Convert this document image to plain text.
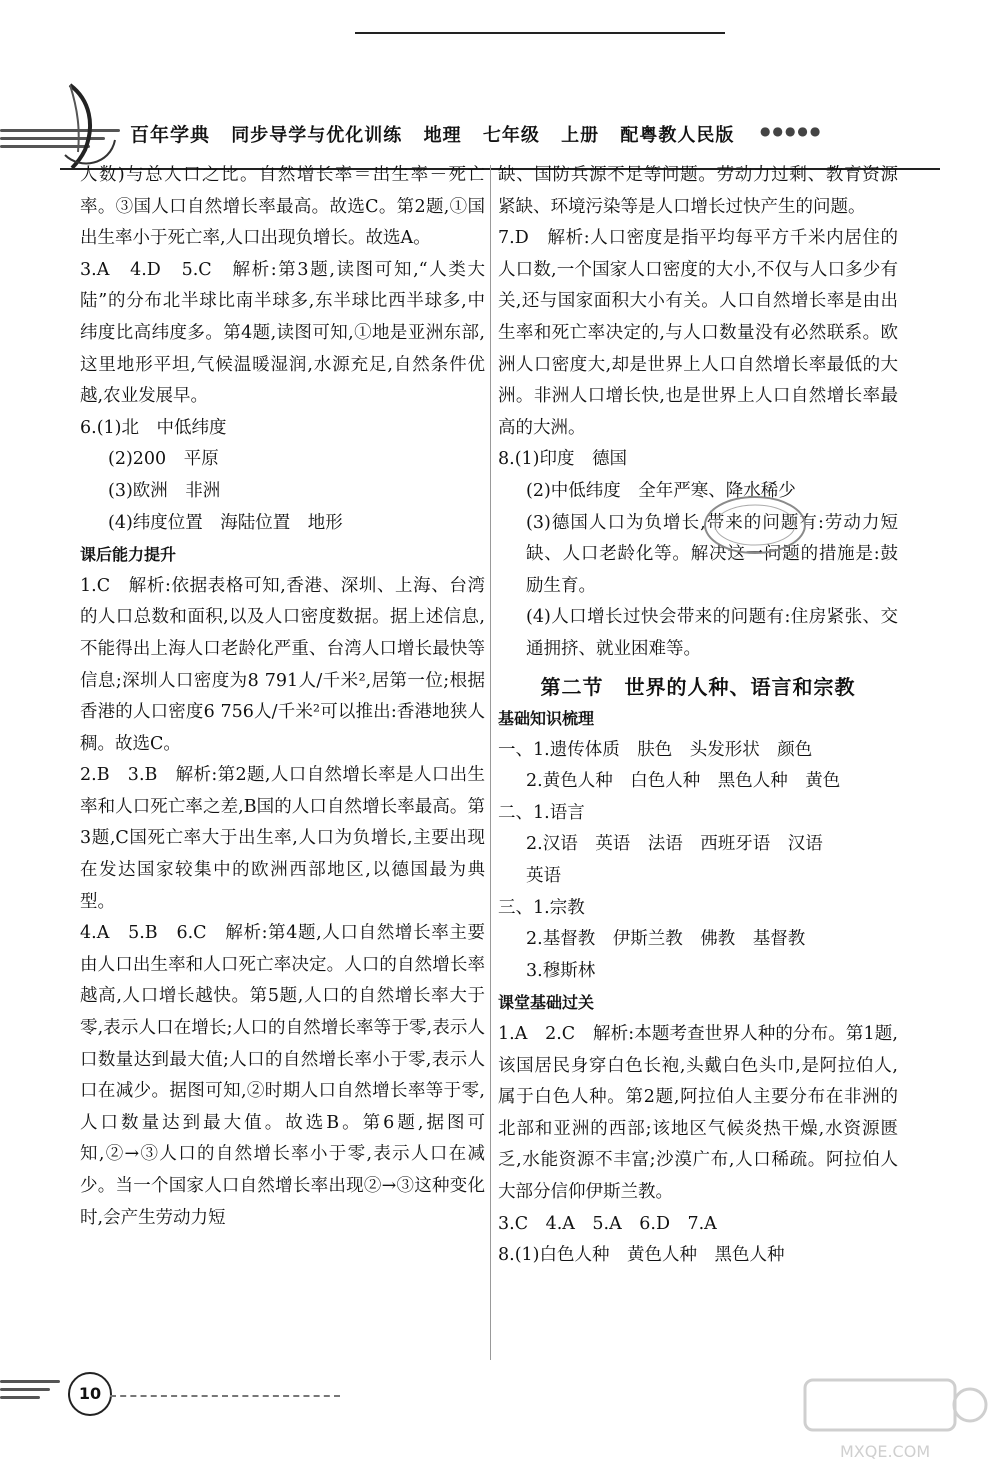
百年学典 同步导学与优化训练 地理 七年级 上册 配粤教人民版	●●●●●
人数)与总人口之比。自然增长率＝出生率－死亡率。③国人口自然增长率最高。故选C。第2题,①国出生率小于死亡率,人口出现负增长。故选A。
3.A　4.D　5.C　解析:第3题,读图可知,“人类大陆”的分布北半球比南半球多,东半球比西半球多,中纬度比高纬度多。第4题,读图可知,①地是亚洲东部,这里地形平坦,气候温暖湿润,水源充足,自然条件优越,农业发展早。
6.(1)北　中低纬度
(2)200　平原
(3)欧洲　非洲
(4)纬度位置　海陆位置　地形
课后能力提升
1.C　解析:依据表格可知,香港、深圳、上海、台湾的人口总数和面积,以及人口密度数据。据上述信息,不能得出上海人口老龄化严重、台湾人口增长最快等信息;深圳人口密度为8 791人/千米²,居第一位;根据香港的人口密度6 756人/千米²可以推出:香港地狭人稠。故选C。
2.B　3.B　解析:第2题,人口自然增长率是人口出生率和人口死亡率之差,B国的人口自然增长率最高。第3题,C国死亡率大于出生率,人口为负增长,主要出现在发达国家较集中的欧洲西部地区,以德国最为典型。
4.A　5.B　6.C　解析:第4题,人口自然增长率主要由人口出生率和人口死亡率决定。人口的自然增长率越高,人口增长越快。第5题,人口的自然增长率大于零,表示人口在增长;人口的自然增长率等于零,表示人口数量达到最大值;人口的自然增长率小于零,表示人口在减少。据图可知,②时期人口自然增长率等于零,人口数量达到最大值。故选B。第6题,据图可知,②→③人口的自然增长率小于零,表示人口在减少。当一个国家人口自然增长率出现②→③这种变化时,会产生劳动力短
缺、国防兵源不足等问题。劳动力过剩、教育资源紧缺、环境污染等是人口增长过快产生的问题。
7.D　解析:人口密度是指平均每平方千米内居住的人口数,一个国家人口密度的大小,不仅与人口多少有关,还与国家面积大小有关。人口自然增长率是由出生率和死亡率决定的,与人口数量没有必然联系。欧洲人口密度大,却是世界上人口自然增长率最低的大洲。非洲人口增长快,也是世界上人口自然增长率最高的大洲。
8.(1)印度　德国
(2)中低纬度　全年严寒、降水稀少
(3)德国人口为负增长,带来的问题有:劳动力短缺、人口老龄化等。解决这一问题的措施是:鼓励生育。
(4)人口增长过快会带来的问题有:住房紧张、交通拥挤、就业困难等。
第二节　世界的人种、语言和宗教
基础知识梳理
一、1.遗传体质　肤色　头发形状　颜色
2.黄色人种　白色人种　黑色人种　黄色
二、1.语言
2.汉语　英语　法语　西班牙语　汉语
英语
三、1.宗教
2.基督教　伊斯兰教　佛教　基督教
3.穆斯林
课堂基础过关
1.A　2.C　解析:本题考查世界人种的分布。第1题,该国居民身穿白色长袍,头戴白色头巾,是阿拉伯人,属于白色人种。第2题,阿拉伯人主要分布在非洲的北部和亚洲的西部;该地区气候炎热干燥,水资源匮乏,水能资源不丰富;沙漠广布,人口稀疏。阿拉伯人大部分信仰伊斯兰教。
3.C　4.A　5.A　6.D　7.A
8.(1)白色人种　黄色人种　黑色人种
10
MXQE.COM
